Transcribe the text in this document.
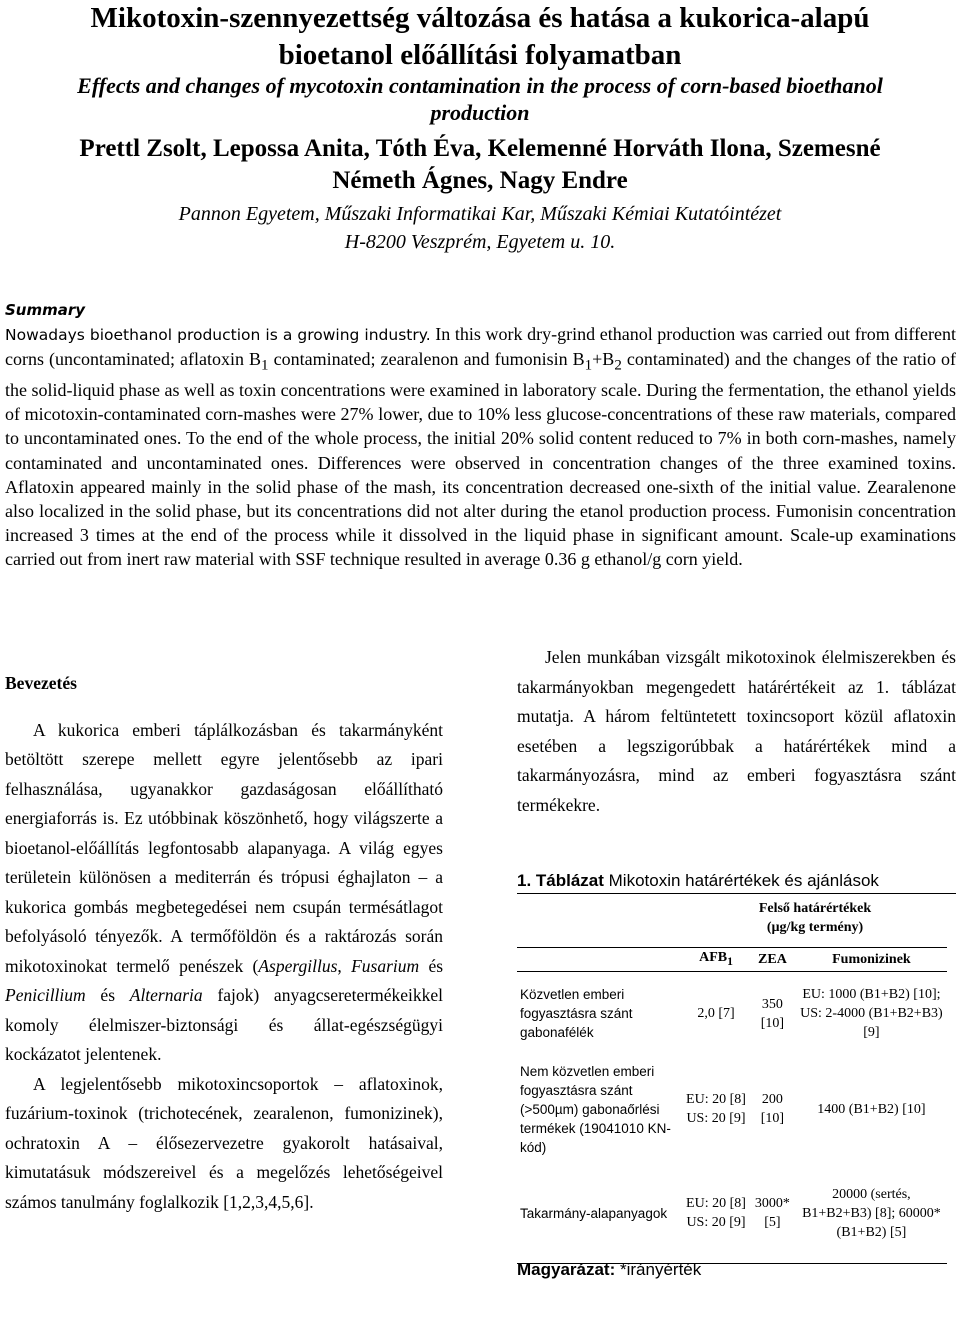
Mikotoxin-szennyezettség változása és hatása a kukorica-alapú
bioetanol előállítási folyamatban
Effects and changes of mycotoxin contamination in the process of corn-based bioethanol
production
Prettl Zsolt, Lepossa Anita, Tóth Éva, Kelemenné Horváth Ilona, Szemesné
Németh Ágnes, Nagy Endre
Pannon Egyetem, Műszaki Informatikai Kar, Műszaki Kémiai Kutatóintézet
H-8200 Veszprém, Egyetem u. 10.
Summary

Nowadays bioethanol production is a growing industry. In this work dry-grind ethanol production was carried out from different corns (uncontaminated; aflatoxin $B_1$ contaminated; zearalenon and fumonisin $B_1+B_2$ contaminated) and the changes of the ratio of the solid-liquid phase as well as toxin concentrations were examined in laboratory scale. During the fermentation, the ethanol yields of micotoxin-contaminated corn-mashes were 27% lower, due to 10% less glucose-concentrations of these raw materials, compared to uncontaminated ones. To the end of the whole process, the initial 20% solid content reduced to 7% in both corn-mashes, namely contaminated and uncontaminated ones. Differences were observed in concentration changes of the three examined toxins. Aflatoxin appeared mainly in the solid phase of the mash, its concentration decreased one-sixth of the initial value. Zearalenone also localized in the solid phase, but its concentrations did not alter during the etanol production process. Fumonisin concentration increased 3 times at the end of the process while it dissolved in the liquid phase in significant amount. Scale-up examinations carried out from inert raw material with SSF technique resulted in average 0.36 g ethanol/g corn yield.

Bevezetés

A kukorica emberi táplálkozásban és takarmányként betöltött szerepe mellett egyre jelentősebb az ipari felhasználása, ugyanakkor gazdaságosan előállítható energiaforrás is. Ez utóbbinak köszönhető, hogy világszerte a bioetanol-előállítás legfontosabb alapanyaga. A világ egyes területein különösen a mediterrán és trópusi éghajlaton – a kukorica gombás megbetegedései nem csupán termésátlagot befolyásoló tényezők. A termőföldön és a raktározás során mikotoxinokat termelő penészek (Aspergillus, Fusarium és Penicillium és Alternaria fajok) anyagcseretermékeikkel komoly élelmiszer-biztonsági és állat-egészségügyi kockázatot jelentenek.

A legjelentősebb mikotoxincsoportok – aflatoxinok, fuzárium-toxinok (trichotecének, zearalenon, fumonizinek), ochratoxin A – élősezervezetre gyakorolt hatásaival, kimutatásuk módszereivel és a megelőzés lehetőségeivel számos tanulmány foglalkozik [1,2,3,4,5,6].

Jelen munkában vizsgált mikotoxinok élelmiszerekben és takarmányokban megengedett határértékeit az 1. táblázat mutatja. A három feltüntetett toxincsoport közül aflatoxin esetében a legszigorúbbak a határértékek mind a takarmányozásra, mind az emberi fogyasztásra szánt termékekre.

1. Táblázat Mikotoxin határértékek és ajánlások
	Felső határértékek
(µg/kg termény)		

	$AFB_1$	ZEA	Fumonizinek
Közvetlen emberi fogyasztásra szánt gabonafélék	2,0 [7]	350 [10]	EU: 1000 (B1+B2) [10]; US: 2-4000 (B1+B2+B3) [9]
Nem közvetlen emberi fogyasztásra szánt (>500µm) gabonaőrlési termékek (19041010 KN-kód)	EU: 20 [8] US: 20 [9]	200 [10]	1400 (B1+B2) [10]
Takarmány-alapanyagok	EU: 20 [8] US: 20 [9]	3000* [5]	20000 (sertés, B1+B2+B3) [8]; 60000* (B1+B2) [5]
Magyarázat: *irányérték
